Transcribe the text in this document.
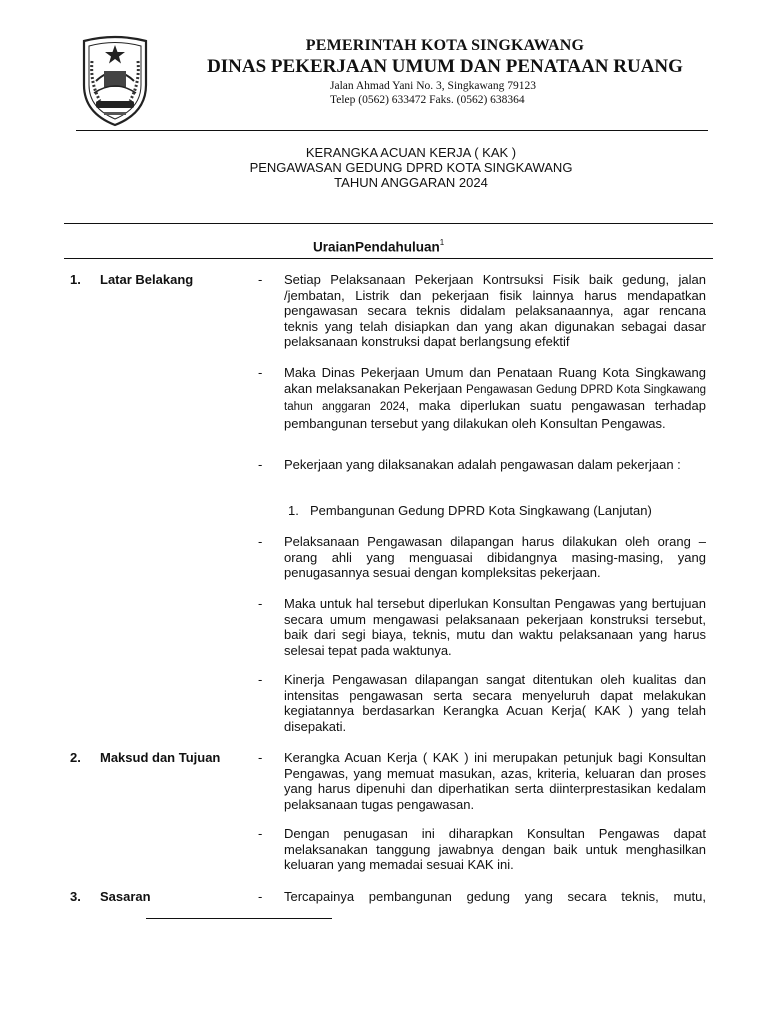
PEMERINTAH KOTA SINGKAWANG
DINAS PEKERJAAN UMUM DAN PENATAAN RUANG
Jalan Ahmad Yani No. 3, Singkawang 79123
Telep (0562) 633472 Faks. (0562) 638364
KERANGKA ACUAN KERJA ( KAK )
PENGAWASAN GEDUNG DPRD KOTA SINGKAWANG
TAHUN ANGGARAN 2024
UraianPendahuluan$^1$
1. Latar Belakang	- Setiap Pelaksanaan Pekerjaan Kontrsuksi Fisik baik gedung, jalan /jembatan, Listrik dan pekerjaan fisik lainnya harus mendapatkan pengawasan secara teknis didalam pelaksanaannya, agar rencana teknis yang telah disiapkan dan yang akan digunakan sebagai dasar pelaksanaan konstruksi dapat berlangsung efektif
- Maka Dinas Pekerjaan Umum dan Penataan Ruang Kota Singkawang akan melaksanakan Pekerjaan Pengawasan Gedung DPRD Kota Singkawang tahun anggaran 2024, maka diperlukan suatu pengawasan terhadap pembangunan tersebut yang dilakukan oleh Konsultan Pengawas.
- Pekerjaan yang dilaksanakan adalah pengawasan dalam pekerjaan :
1. Pembangunan Gedung DPRD Kota Singkawang (Lanjutan)
- Pelaksanaan Pengawasan dilapangan harus dilakukan oleh orang – orang ahli yang menguasai dibidangnya masing-masing, yang penugasannya sesuai dengan kompleksitas pekerjaan.
- Maka untuk hal tersebut diperlukan Konsultan Pengawas yang bertujuan secara umum mengawasi pelaksanaan pekerjaan konstruksi tersebut, baik dari segi biaya, teknis, mutu dan waktu pelaksanaan yang harus selesai tepat pada waktunya.
- Kinerja Pengawasan dilapangan sangat ditentukan oleh kualitas dan intensitas pengawasan serta secara menyeluruh dapat melakukan kegiatannya berdasarkan Kerangka Acuan Kerja( KAK ) yang telah disepakati.
2. Maksud dan Tujuan	- Kerangka Acuan Kerja ( KAK ) ini merupakan petunjuk bagi Konsultan Pengawas, yang memuat masukan, azas, kriteria, keluaran dan proses yang harus dipenuhi dan diperhatikan serta diinterprestasikan kedalam pelaksanaan tugas pengawasan.
- Dengan penugasan ini diharapkan Konsultan Pengawas dapat melaksanakan tanggung jawabnya dengan baik untuk menghasilkan keluaran yang memadai sesuai KAK ini.
3. Sasaran	- Tercapainya pembangunan gedung yang secara teknis, mutu,
